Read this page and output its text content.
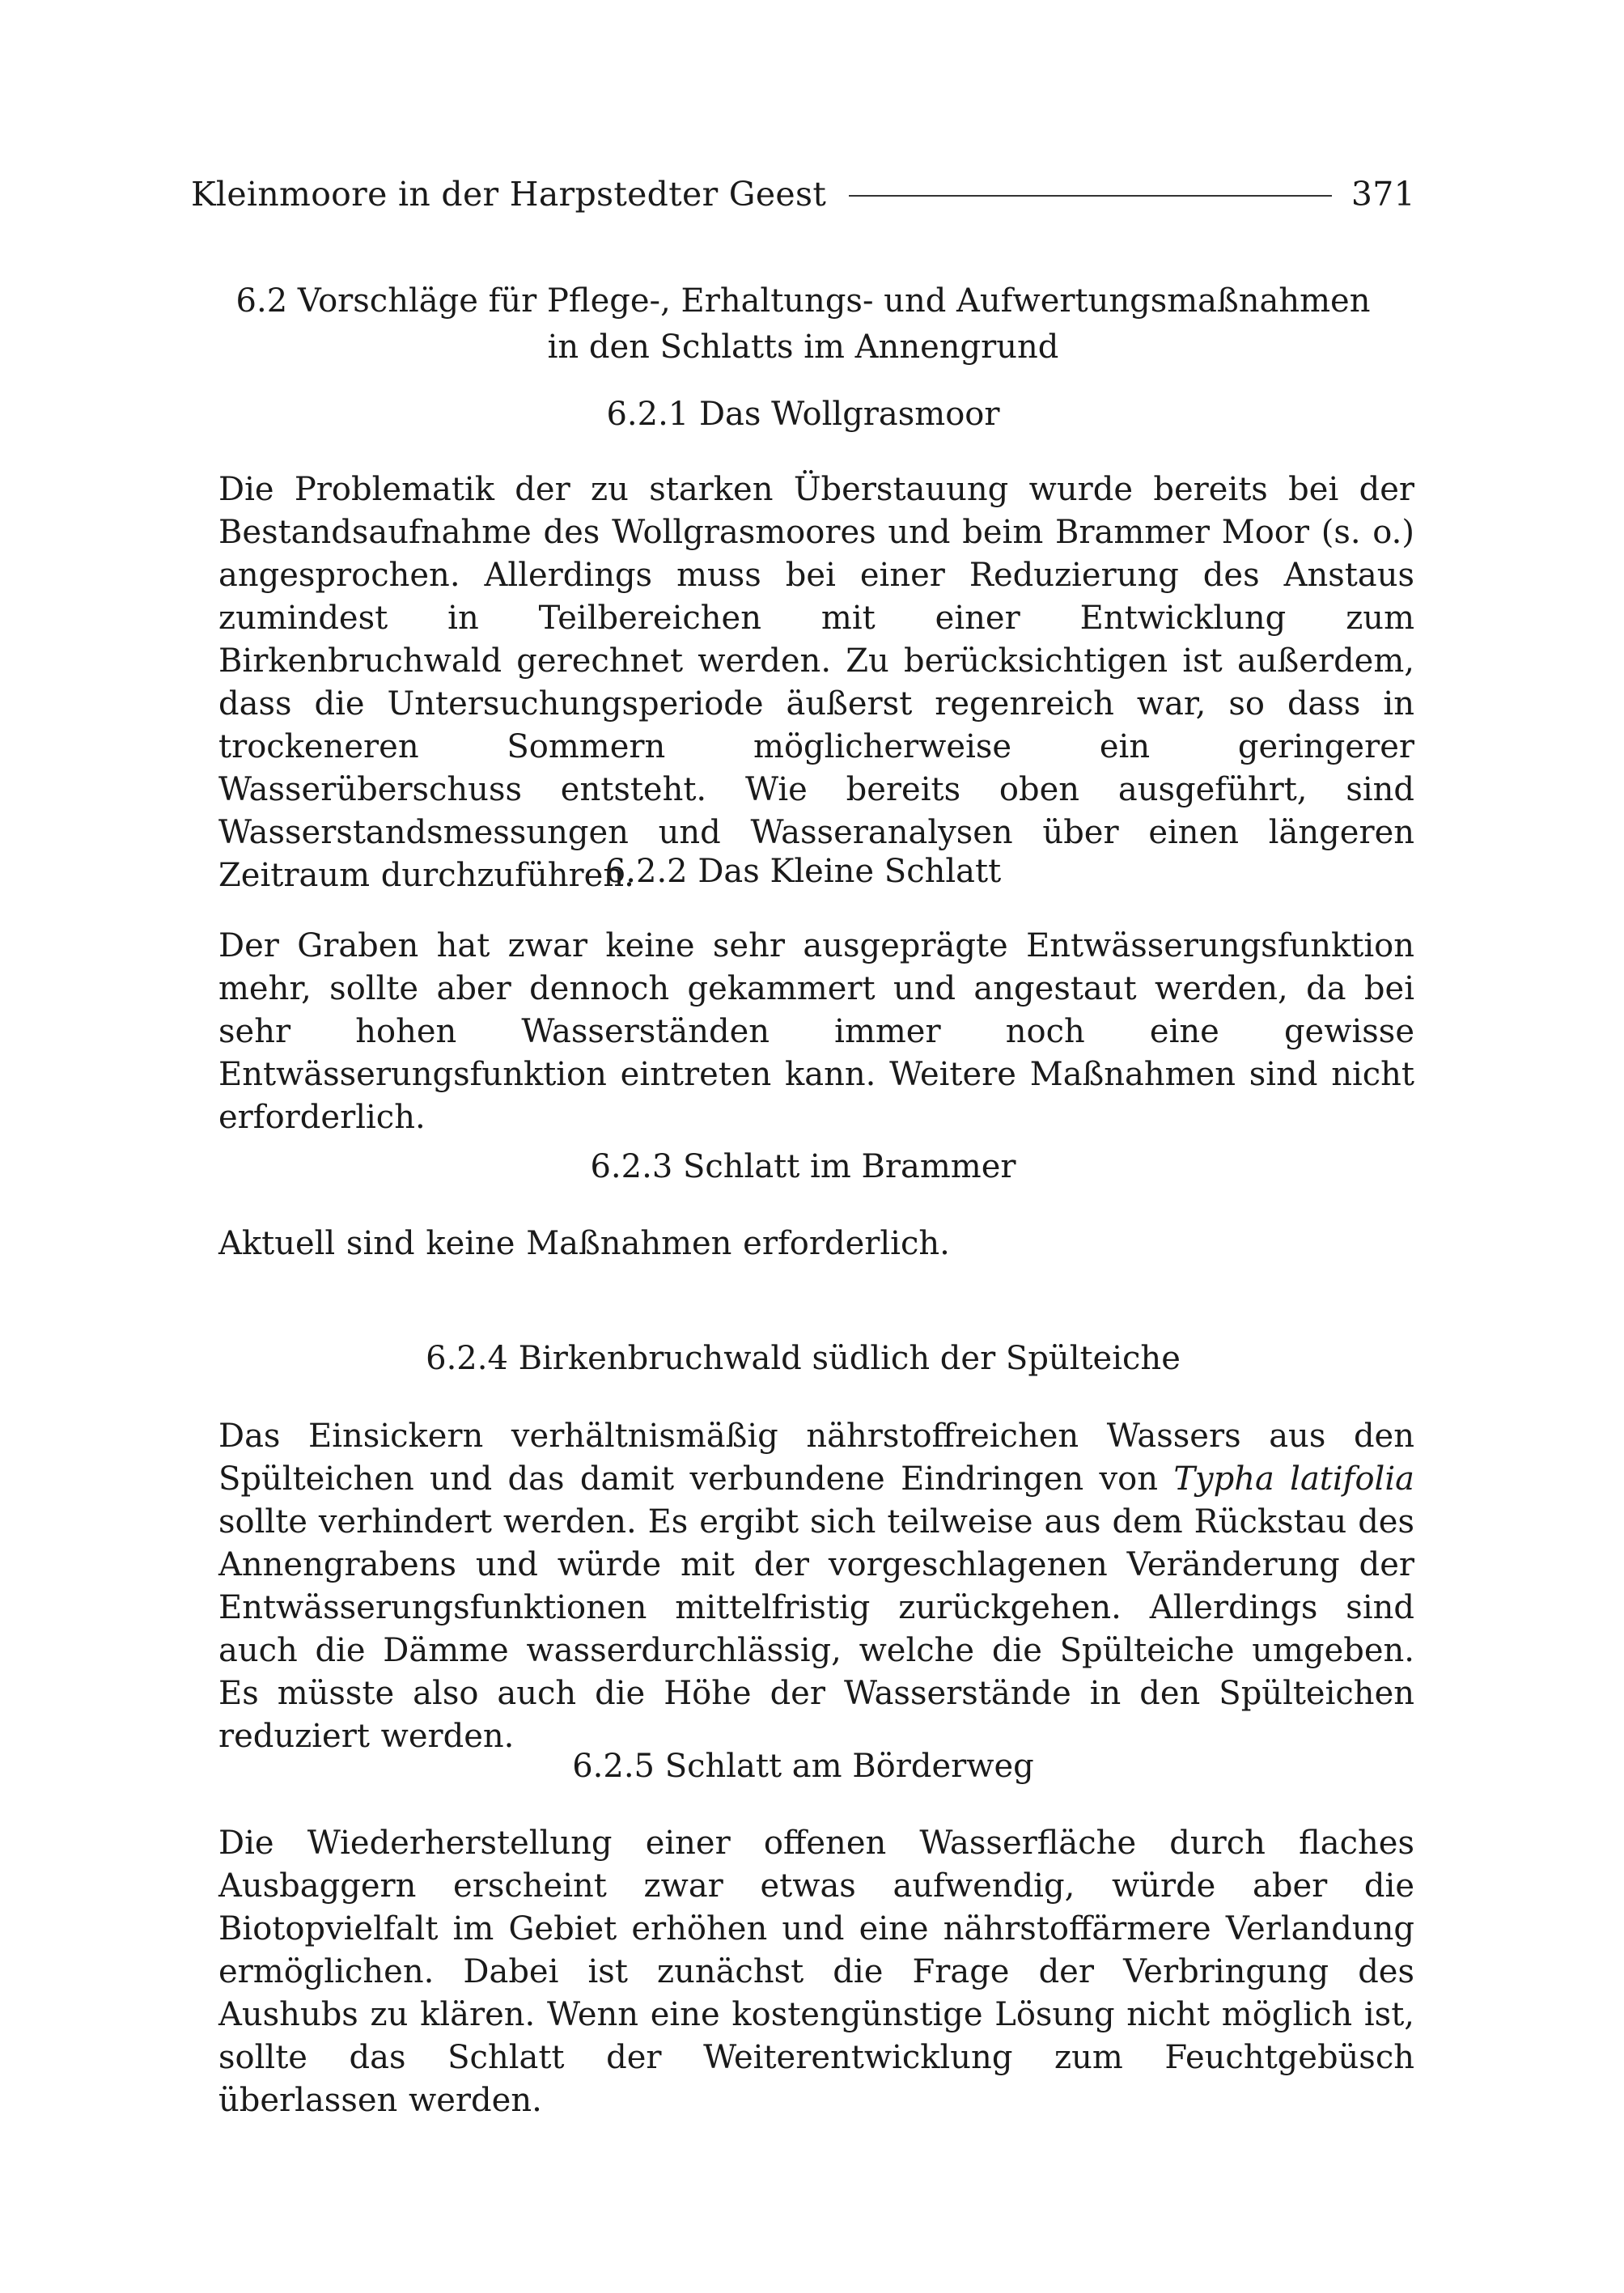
Kleinmoore in der Harpstedter Geest	371
6.2 Vorschläge für Pflege-, Erhaltungs- und Aufwertungsmaßnahmen
in den Schlatts im Annengrund
6.2.1 Das Wollgrasmoor

Die Problematik der zu starken Überstauung wurde bereits bei der Bestandsaufnahme des Wollgrasmoores und beim Brammer Moor (s. o.) angesprochen. Allerdings muss bei einer Reduzierung des Anstaus zumindest in Teilbereichen mit einer Entwicklung zum Birkenbruchwald gerechnet werden. Zu berücksichtigen ist außerdem, dass die Untersuchungsperiode äußerst regenreich war, so dass in trockeneren Sommern möglicherweise ein geringerer Wasserüberschuss entsteht. Wie bereits oben ausgeführt, sind Wasserstandsmessungen und Wasseranalysen über einen längeren Zeitraum durchzuführen.

6.2.2 Das Kleine Schlatt

Der Graben hat zwar keine sehr ausgeprägte Entwässerungsfunktion mehr, sollte aber dennoch gekammert und angestaut werden, da bei sehr hohen Wasserständen immer noch eine gewisse Entwässerungsfunktion eintreten kann. Weitere Maßnahmen sind nicht erforderlich.

6.2.3 Schlatt im Brammer

Aktuell sind keine Maßnahmen erforderlich.

6.2.4 Birkenbruchwald südlich der Spülteiche

Das Einsickern verhältnismäßig nährstoffreichen Wassers aus den Spülteichen und das damit verbundene Eindringen von Typha latifolia sollte verhindert werden. Es ergibt sich teilweise aus dem Rückstau des Annengrabens und würde mit der vorgeschlagenen Veränderung der Entwässerungsfunktionen mittelfristig zurückgehen. Allerdings sind auch die Dämme wasserdurchlässig, welche die Spülteiche umgeben. Es müsste also auch die Höhe der Wasserstände in den Spülteichen reduziert werden.

6.2.5 Schlatt am Börderweg

Die Wiederherstellung einer offenen Wasserfläche durch flaches Ausbaggern erscheint zwar etwas aufwendig, würde aber die Biotopvielfalt im Gebiet erhöhen und eine nährstoffärmere Verlandung ermöglichen. Dabei ist zunächst die Frage der Verbringung des Aushubs zu klären. Wenn eine kostengünstige Lösung nicht möglich ist, sollte das Schlatt der Weiterentwicklung zum Feuchtgebüsch überlassen werden.
